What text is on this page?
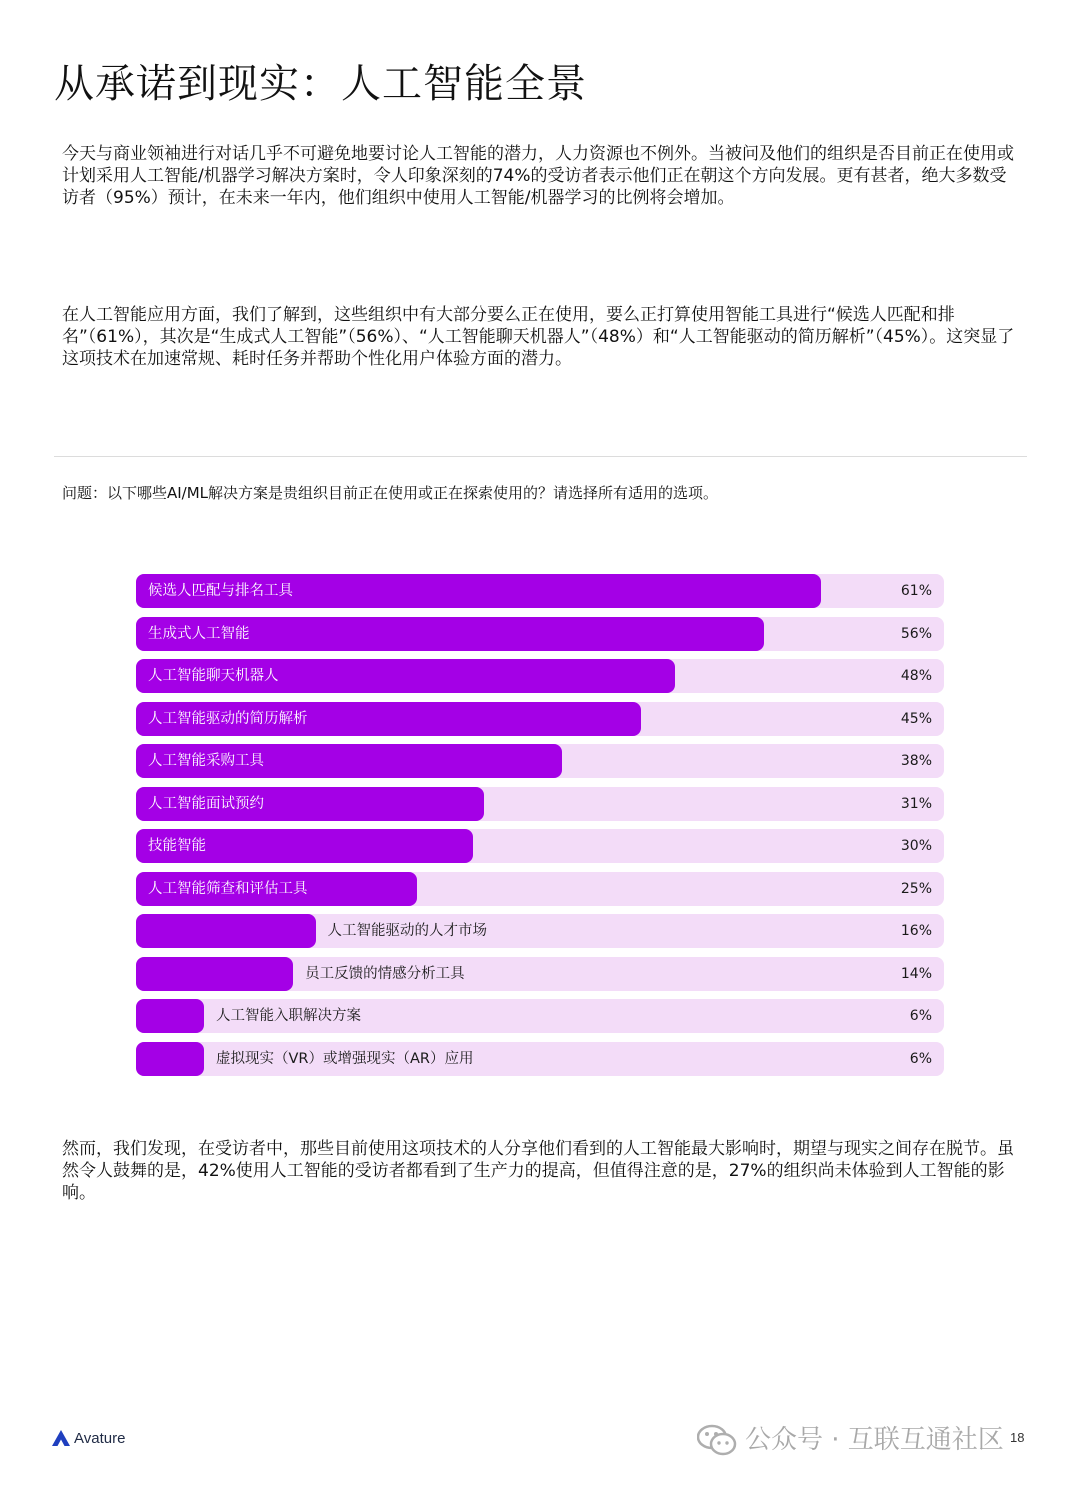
从承诺到现实：人工智能全景

今天与商业领袖进行对话几乎不可避免地要讨论人工智能的潜力，人力资源也不例外。当被问及他们的组织是否目前正在使用或计划采用人工智能/机器学习解决方案时，令人印象深刻的74%的受访者表示他们正在朝这个方向发展。更有甚者，绝大多数受访者（95%）预计，在未来一年内，他们组织中使用人工智能/机器学习的比例将会增加。

在人工智能应用方面，我们了解到，这些组织中有大部分要么正在使用，要么正打算使用智能工具进行“候选人匹配和排名”（61%），其次是“生成式人工智能”（56%）、“人工智能聊天机器人”（48%）和“人工智能驱动的简历解析”（45%）。这突显了这项技术在加速常规、耗时任务并帮助个性化用户体验方面的潜力。

问题：以下哪些AI/ML解决方案是贵组织目前正在使用或正在探索使用的？请选择所有适用的选项。

候选人匹配与排名工具	61%
生成式人工智能	56%
人工智能聊天机器人	48%
人工智能驱动的简历解析	45%
人工智能采购工具	38%
人工智能面试预约	31%
技能智能	30%
人工智能筛查和评估工具	25%
人工智能驱动的人才市场	16%
员工反馈的情感分析工具	14%
人工智能入职解决方案	6%
虚拟现实（VR）或增强现实（AR）应用	6%

然而，我们发现，在受访者中，那些目前使用这项技术的人分享他们看到的人工智能最大影响时，期望与现实之间存在脱节。虽然令人鼓舞的是，42%使用人工智能的受访者都看到了生产力的提高，但值得注意的是，27%的组织尚未体验到人工智能的影响。

Avature	公众号 · 互联互通社区 18
